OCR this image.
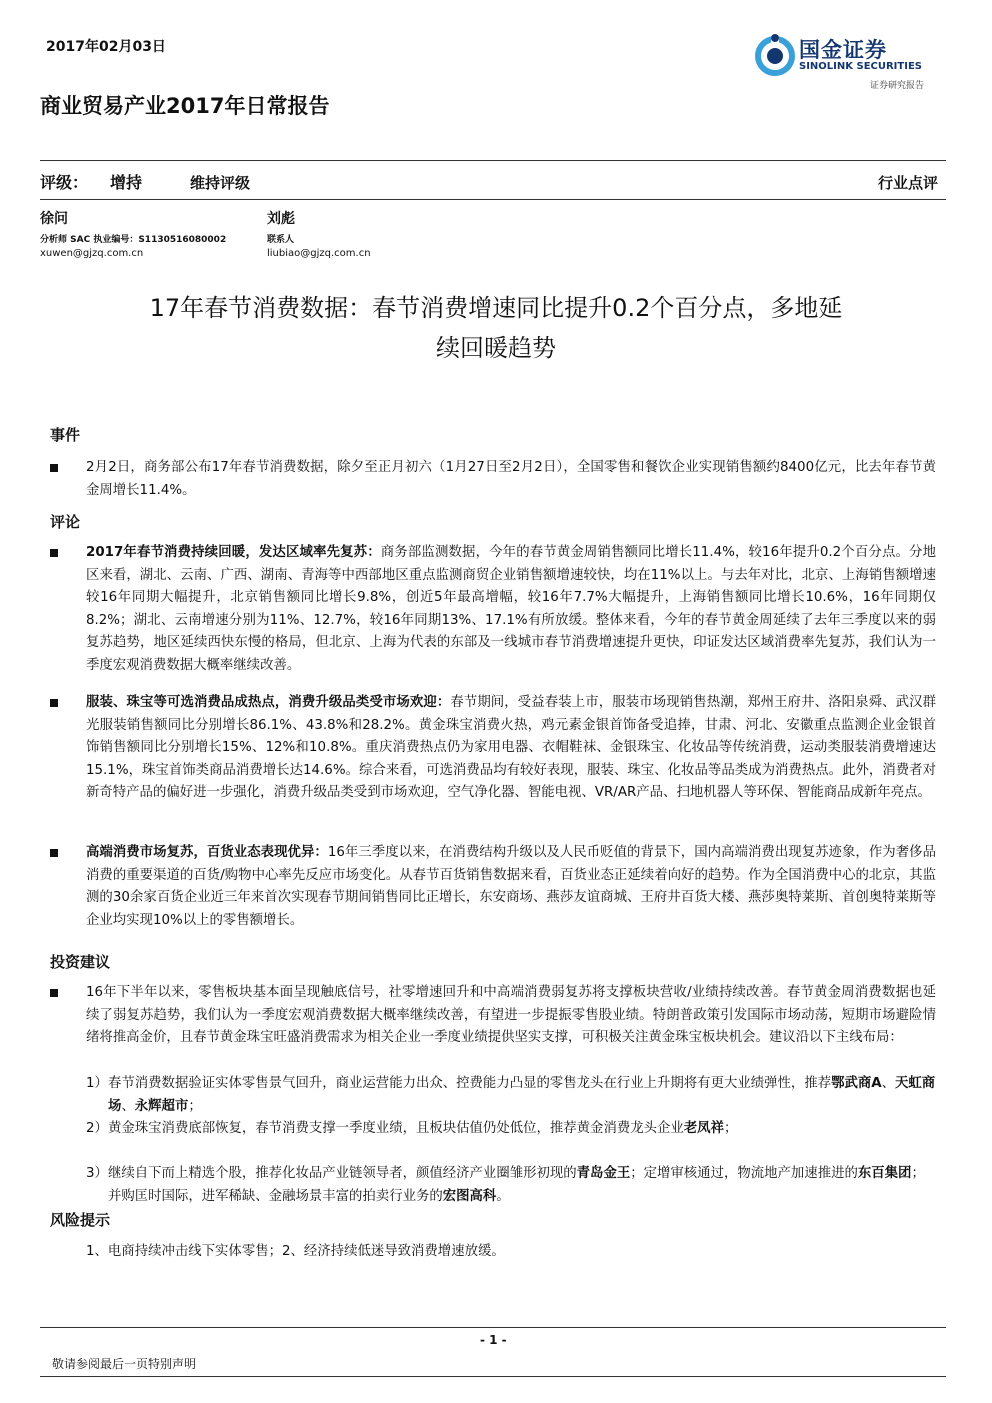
2017年02月03日	国金证券
SINOLINK SECURITIES
证券研究报告
商业贸易产业2017年日常报告
评级： 增持	维持评级	行业点评
徐问
分析师 SAC 执业编号：S1130516080002
xuwen@gjzq.com.cn
刘彪
联系人
liubiao@gjzq.com.cn
17年春节消费数据：春节消费增速同比提升0.2个百分点，多地延
续回暖趋势
事件
2月2日，商务部公布17年春节消费数据，除夕至正月初六（1月27日至2月2日），全国零售和餐饮企业实现销售额约8400亿元，比去年春节黄金周增长11.4%。
评论
2017年春节消费持续回暖，发达区域率先复苏：商务部监测数据，今年的春节黄金周销售额同比增长11.4%，较16年提升0.2个百分点。分地区来看，湖北、云南、广西、湖南、青海等中西部地区重点监测商贸企业销售额增速较快，均在11%以上。与去年对比，北京、上海销售额增速较16年同期大幅提升，北京销售额同比增长9.8%，创近5年最高增幅，较16年7.7%大幅提升，上海销售额同比增长10.6%，16年同期仅8.2%；湖北、云南增速分别为11%、12.7%，较16年同期13%、17.1%有所放缓。整体来看，今年的春节黄金周延续了去年三季度以来的弱复苏趋势，地区延续西快东慢的格局，但北京、上海为代表的东部及一线城市春节消费增速提升更快，印证发达区域消费率先复苏，我们认为一季度宏观消费数据大概率继续改善。
服装、珠宝等可选消费品成热点，消费升级品类受市场欢迎：春节期间，受益春装上市，服装市场现销售热潮，郑州王府井、洛阳泉舜、武汉群光服装销售额同比分别增长86.1%、43.8%和28.2%。黄金珠宝消费火热，鸡元素金银首饰备受追捧，甘肃、河北、安徽重点监测企业金银首饰销售额同比分别增长15%、12%和10.8%。重庆消费热点仍为家用电器、衣帽鞋袜、金银珠宝、化妆品等传统消费，运动类服装消费增速达15.1%，珠宝首饰类商品消费增长达14.6%。综合来看，可选消费品均有较好表现，服装、珠宝、化妆品等品类成为消费热点。此外，消费者对新奇特产品的偏好进一步强化，消费升级品类受到市场欢迎，空气净化器、智能电视、VR/AR产品、扫地机器人等环保、智能商品成新年亮点。
高端消费市场复苏，百货业态表现优异：16年三季度以来，在消费结构升级以及人民币贬值的背景下，国内高端消费出现复苏迹象，作为奢侈品消费的重要渠道的百货/购物中心率先反应市场变化。从春节百货销售数据来看，百货业态正延续着向好的趋势。作为全国消费中心的北京，其监测的30余家百货企业近三年来首次实现春节期间销售同比正增长，东安商场、燕莎友谊商城、王府井百货大楼、燕莎奥特莱斯、首创奥特莱斯等企业均实现10%以上的零售额增长。
投资建议
16年下半年以来，零售板块基本面呈现触底信号，社零增速回升和中高端消费弱复苏将支撑板块营收/业绩持续改善。春节黄金周消费数据也延续了弱复苏趋势，我们认为一季度宏观消费数据大概率继续改善，有望进一步提振零售股业绩。特朗普政策引发国际市场动荡，短期市场避险情绪将推高金价，且春节黄金珠宝旺盛消费需求为相关企业一季度业绩提供坚实支撑，可积极关注黄金珠宝板块机会。建议沿以下主线布局：
1） 春节消费数据验证实体零售景气回升，商业运营能力出众、控费能力凸显的零售龙头在行业上升期将有更大业绩弹性，推荐鄂武商A、天虹商场、永辉超市；
2） 黄金珠宝消费底部恢复，春节消费支撑一季度业绩，且板块估值仍处低位，推荐黄金消费龙头企业老凤祥；
3） 继续自下而上精选个股，推荐化妆品产业链领导者，颜值经济产业圈雏形初现的青岛金王；定增审核通过，物流地产加速推进的东百集团；并购匡时国际，进军稀缺、金融场景丰富的拍卖行业务的宏图高科。
风险提示
1、电商持续冲击线下实体零售；2、经济持续低迷导致消费增速放缓。
- 1 -
敬请参阅最后一页特别声明
